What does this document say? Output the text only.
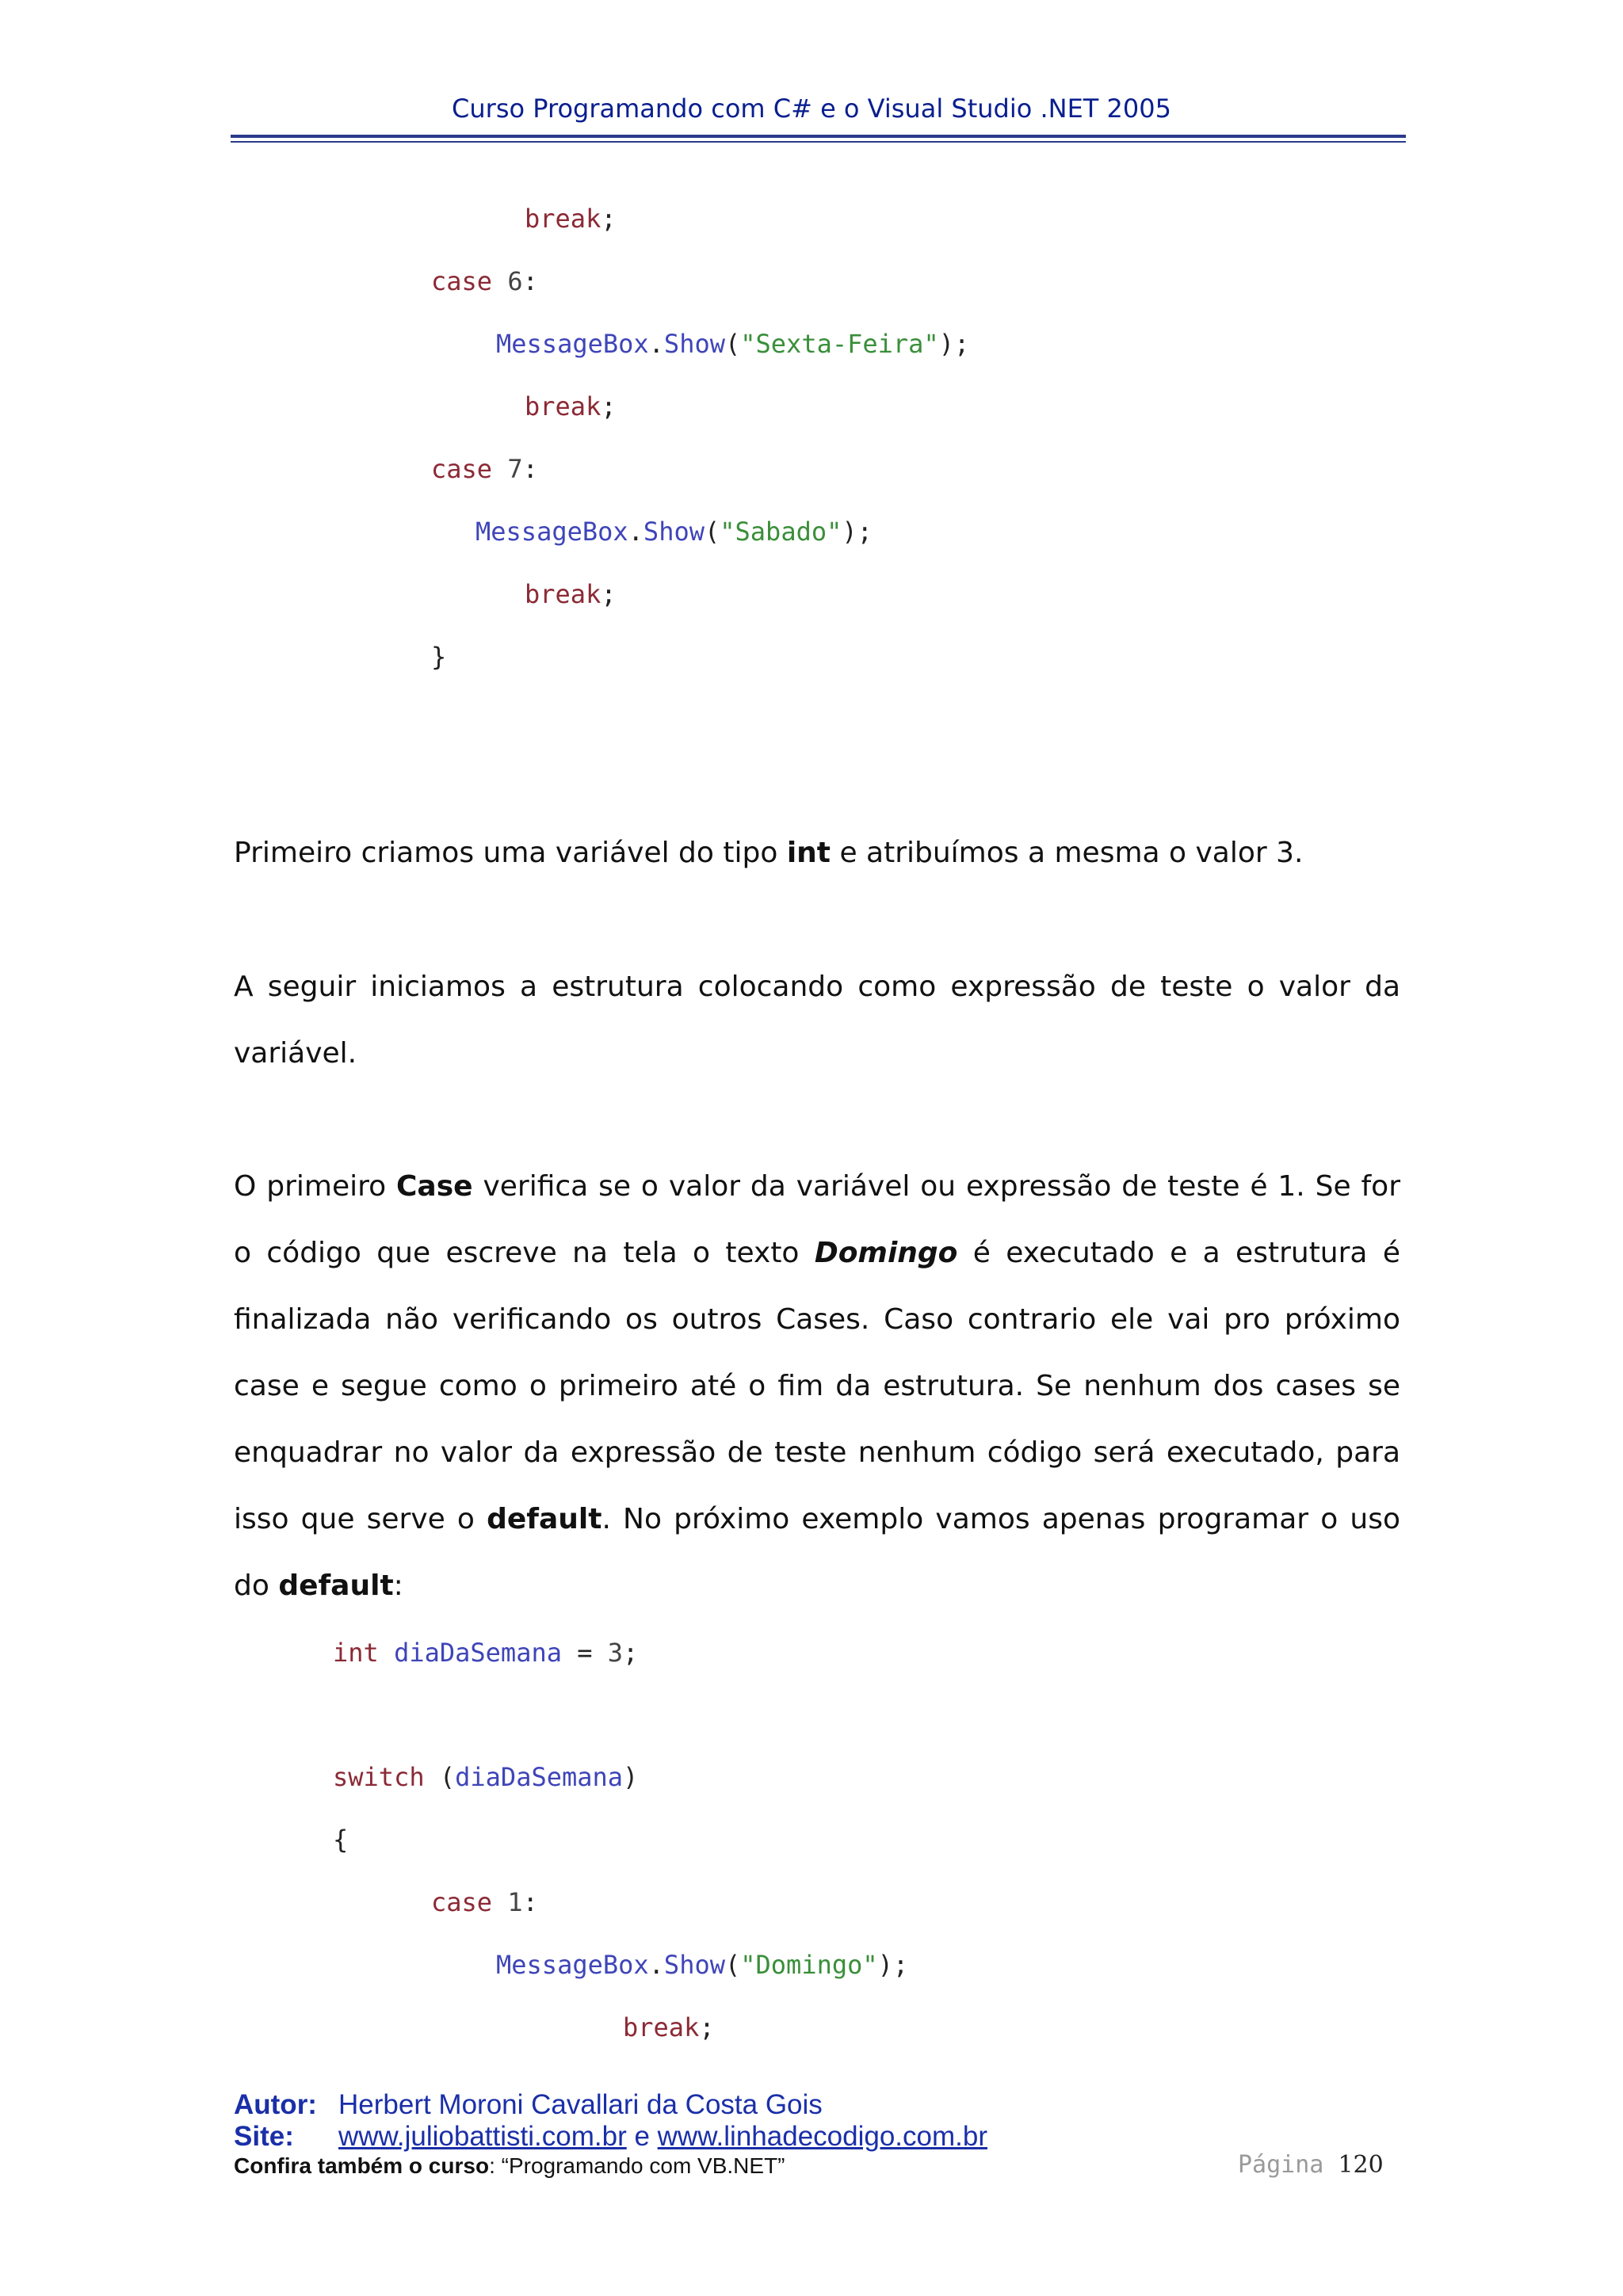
Curso Programando com C# e o Visual Studio .NET 2005
break;
case 6:
MessageBox.Show("Sexta-Feira");
break;
case 7:
MessageBox.Show("Sabado");
break;
}
Primeiro criamos uma variável do tipo int e atribuímos a mesma o valor 3.
A seguir iniciamos a estrutura colocando como expressão de teste o valor da variável.
O primeiro Case verifica se o valor da variável ou expressão de teste é 1. Se for o código que escreve na tela o texto Domingo é executado e a estrutura é finalizada não verificando os outros Cases. Caso contrario ele vai pro próximo case e segue como o primeiro até o fim da estrutura. Se nenhum dos cases se enquadrar no valor da expressão de teste nenhum código será executado, para isso que serve o default. No próximo exemplo vamos apenas programar o uso do default:
int diaDaSemana = 3;
switch (diaDaSemana)
{
case 1:
MessageBox.Show("Domingo");
break;
Autor: Herbert Moroni Cavallari da Costa Gois
Site: www.juliobattisti.com.br e www.linhadecodigo.com.br
Confira também o curso: “Programando com VB.NET”	Página 120
